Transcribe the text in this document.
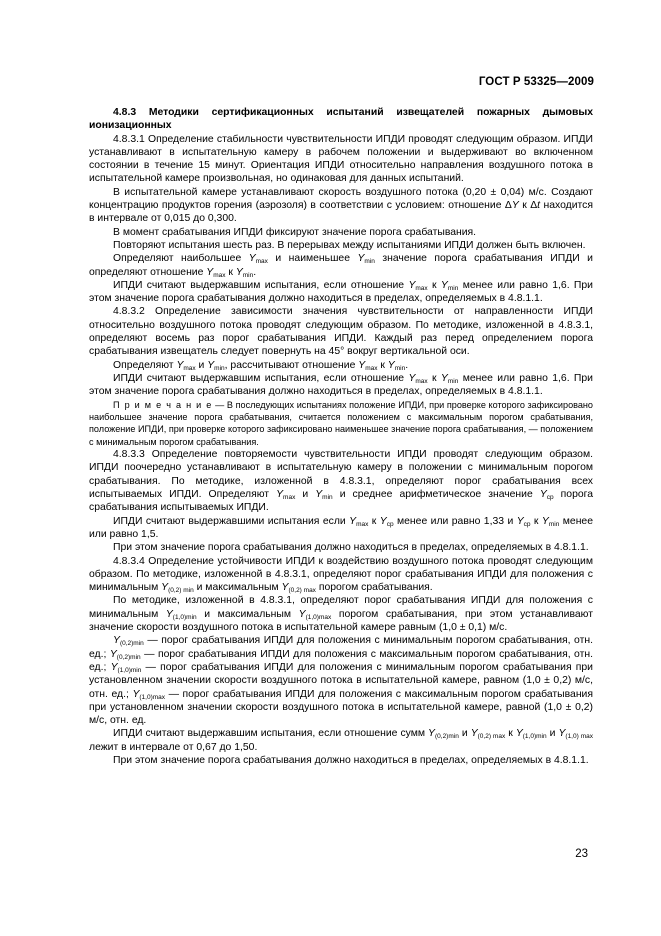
ГОСТ Р 53325—2009

4.8.3 Методики сертификационных испытаний извещателей пожарных дымовых ионизационных

4.8.3.1 Определение стабильности чувствительности ИПДИ проводят следующим образом. ИПДИ устанавливают в испытательную камеру в рабочем положении и выдерживают во включенном состоянии в течение 15 минут. Ориентация ИПДИ относительно направления воздушного потока в испытательной камере произвольная, но одинаковая для данных испытаний.

В испытательной камере устанавливают скорость воздушного потока (0,20 ± 0,04) м/с. Создают концентрацию продуктов горения (аэрозоля) в соответствии с условием: отношение ΔY к Δt находится в интервале от 0,015 до 0,300.

В момент срабатывания ИПДИ фиксируют значение порога срабатывания.

Повторяют испытания шесть раз. В перерывах между испытаниями ИПДИ должен быть включен.

Определяют наибольшее $Y_{max}$ и наименьшее $Y_{min}$ значение порога срабатывания ИПДИ и определяют отношение $Y_{max}$ к $Y_{min}$.

ИПДИ считают выдержавшим испытания, если отношение $Y_{max}$ к $Y_{min}$ менее или равно 1,6. При этом значение порога срабатывания должно находиться в пределах, определяемых в 4.8.1.1.

4.8.3.2 Определение зависимости значения чувствительности от направленности ИПДИ относительно воздушного потока проводят следующим образом. По методике, изложенной в 4.8.3.1, определяют восемь раз порог срабатывания ИПДИ. Каждый раз перед определением порога срабатывания извещатель следует повернуть на 45° вокруг вертикальной оси.

Определяют $Y_{max}$ и $Y_{min}$, рассчитывают отношение $Y_{max}$ к $Y_{min}$.

ИПДИ считают выдержавшим испытания, если отношение $Y_{max}$ к $Y_{min}$ менее или равно 1,6. При этом значение порога срабатывания должно находиться в пределах, определяемых в 4.8.1.1.

П р и м е ч а н и е — В последующих испытаниях положение ИПДИ, при проверке которого зафиксировано наибольшее значение порога срабатывания, считается положением с максимальным порогом срабатывания, положение ИПДИ, при проверке которого зафиксировано наименьшее значение порога срабатывания, — положением с минимальным порогом срабатывания.

4.8.3.3 Определение повторяемости чувствительности ИПДИ проводят следующим образом. ИПДИ поочередно устанавливают в испытательную камеру в положении с минимальным порогом срабатывания. По методике, изложенной в 4.8.3.1, определяют порог срабатывания всех испытываемых ИПДИ. Определяют $Y_{max}$ и $Y_{min}$ и среднее арифметическое значение $Y_{ср}$ порога срабатывания испытываемых ИПДИ.

ИПДИ считают выдержавшими испытания если $Y_{max}$ к $Y_{ср}$ менее или равно 1,33 и $Y_{ср}$ к $Y_{min}$ менее или равно 1,5.

При этом значение порога срабатывания должно находиться в пределах, определяемых в 4.8.1.1.

4.8.3.4 Определение устойчивости ИПДИ к воздействию воздушного потока проводят следующим образом. По методике, изложенной в 4.8.3.1, определяют порог срабатывания ИПДИ для положения с минимальным $Y_{(0,2) min}$ и максимальным $Y_{(0,2) max}$ порогом срабатывания.

По методике, изложенной в 4.8.3.1, определяют порог срабатывания ИПДИ для положения с минимальным $Y_{(1,0)min}$ и максимальным $Y_{(1,0)max}$ порогом срабатывания, при этом устанавливают значение скорости воздушного потока в испытательной камере равным (1,0 ± 0,1) м/с.

$Y_{(0,2)min}$ — порог срабатывания ИПДИ для положения с минимальным порогом срабатывания, отн. ед.; $Y_{(0,2)min}$ — порог срабатывания ИПДИ для положения с максимальным порогом срабатывания, отн. ед.; $Y_{(1,0)min}$ — порог срабатывания ИПДИ для положения с минимальным порогом срабатывания при установленном значении скорости воздушного потока в испытательной камере, равном (1,0 ± 0,2) м/с, отн. ед.; $Y_{(1,0)max}$ — порог срабатывания ИПДИ для положения с максимальным порогом срабатывания при установленном значении скорости воздушного потока в испытательной камере, равной (1,0 ± 0,2) м/с, отн. ед.

ИПДИ считают выдержавшим испытания, если отношение сумм $Y_{(0,2)min}$ и $Y_{(0,2) max}$ к $Y_{(1,0)min}$ и $Y_{(1,0) max}$ лежит в интервале от 0,67 до 1,50.

При этом значение порога срабатывания должно находиться в пределах, определяемых в 4.8.1.1.

23
